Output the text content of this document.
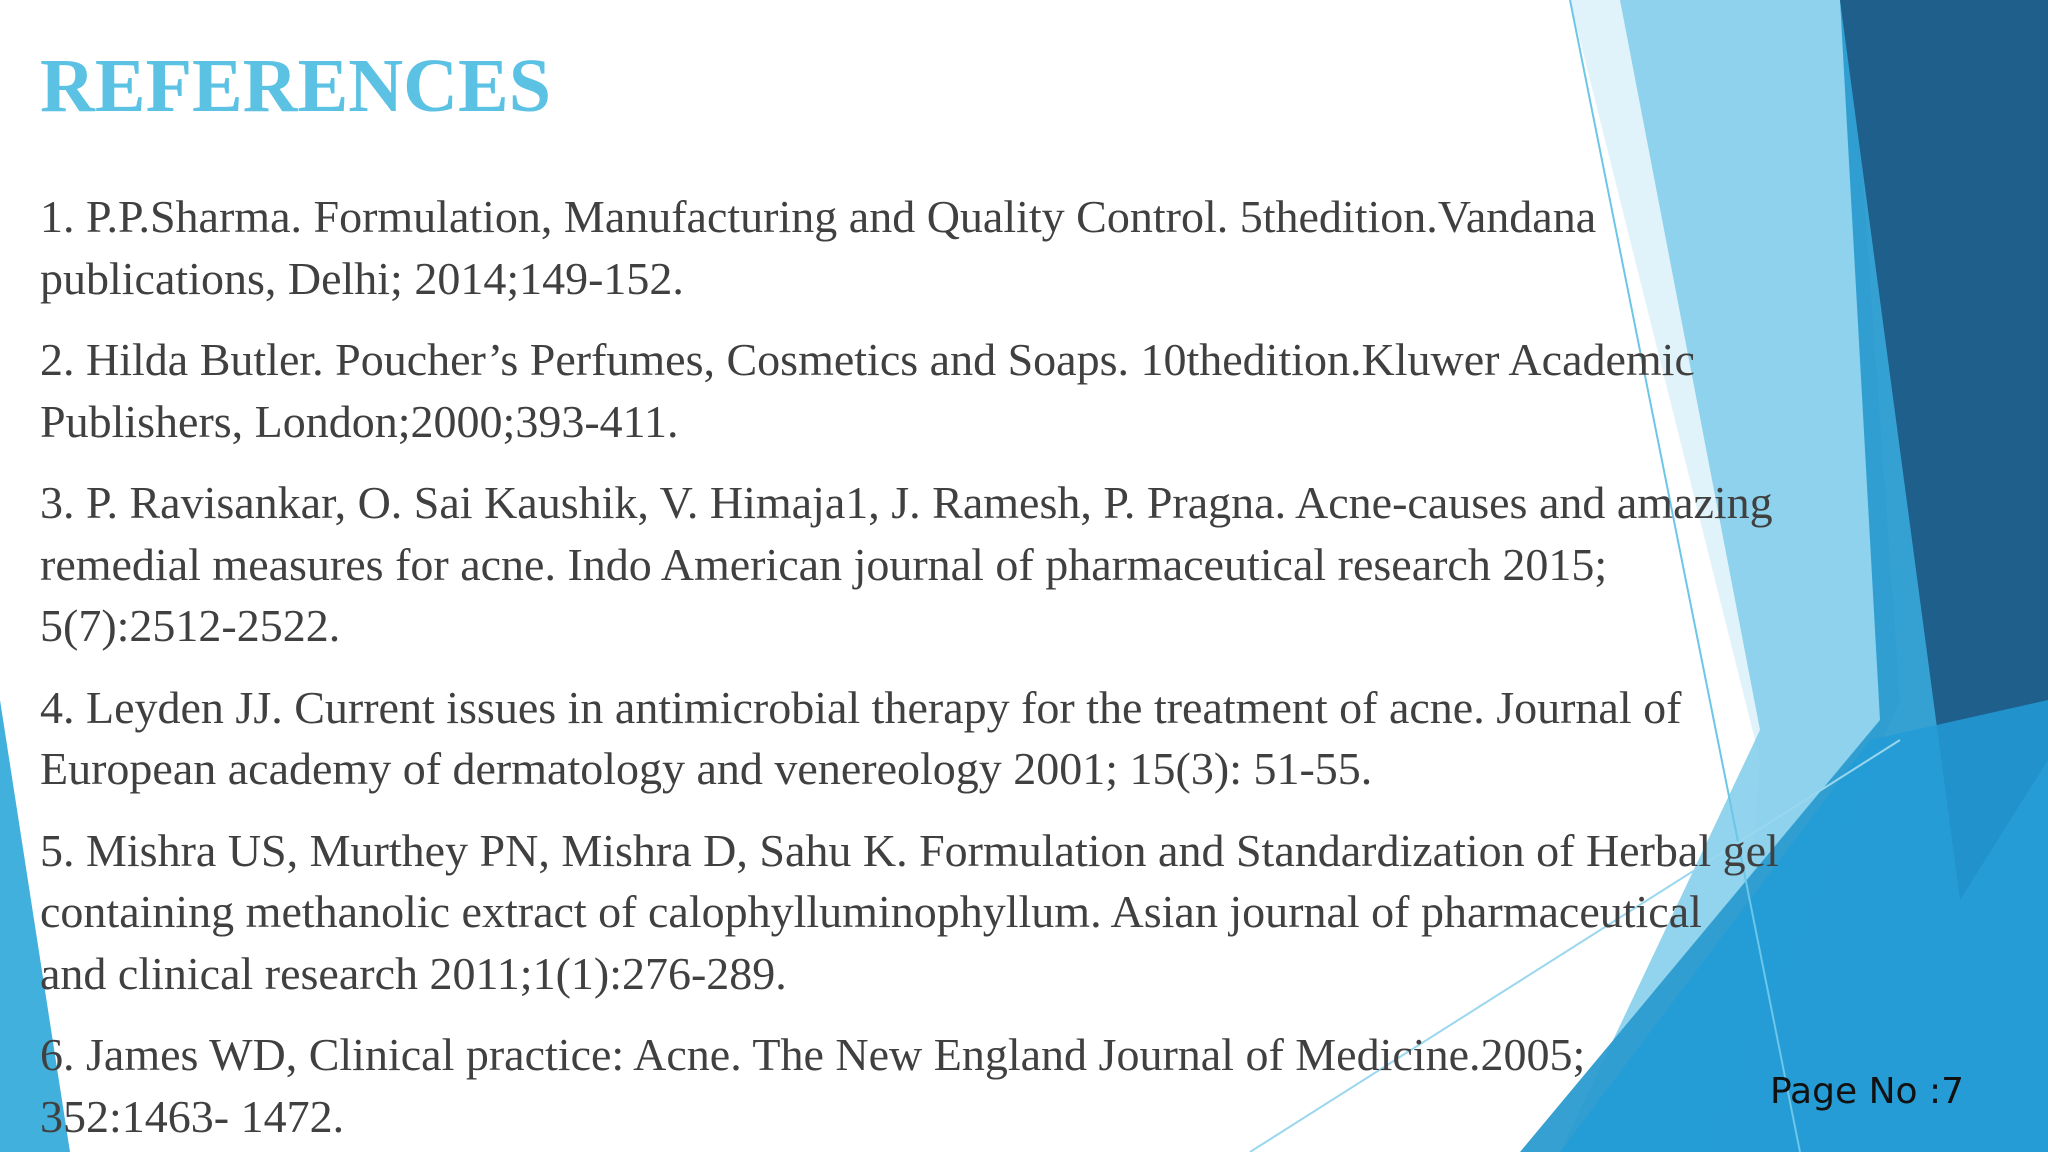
REFERENCES
1. P.P.Sharma. Formulation, Manufacturing and Quality Control. 5thedition.Vandana
publications, Delhi; 2014;149-152.
2. Hilda Butler. Poucher’s Perfumes, Cosmetics and Soaps. 10thedition.Kluwer Academic
Publishers, London;2000;393-411.
3. P. Ravisankar, O. Sai Kaushik, V. Himaja1, J. Ramesh, P. Pragna. Acne-causes and amazing
remedial measures for acne. Indo American journal of pharmaceutical research 2015;
5(7):2512-2522.
4. Leyden JJ. Current issues in antimicrobial therapy for the treatment of acne. Journal of
European academy of dermatology and venereology 2001; 15(3): 51-55.
5. Mishra US, Murthey PN, Mishra D, Sahu K. Formulation and Standardization of Herbal gel
containing methanolic extract of calophylluminophyllum. Asian journal of pharmaceutical
and clinical research 2011;1(1):276-289.
6. James WD, Clinical practice: Acne. The New England Journal of Medicine.2005;
352:1463- 1472.	Page No :7
